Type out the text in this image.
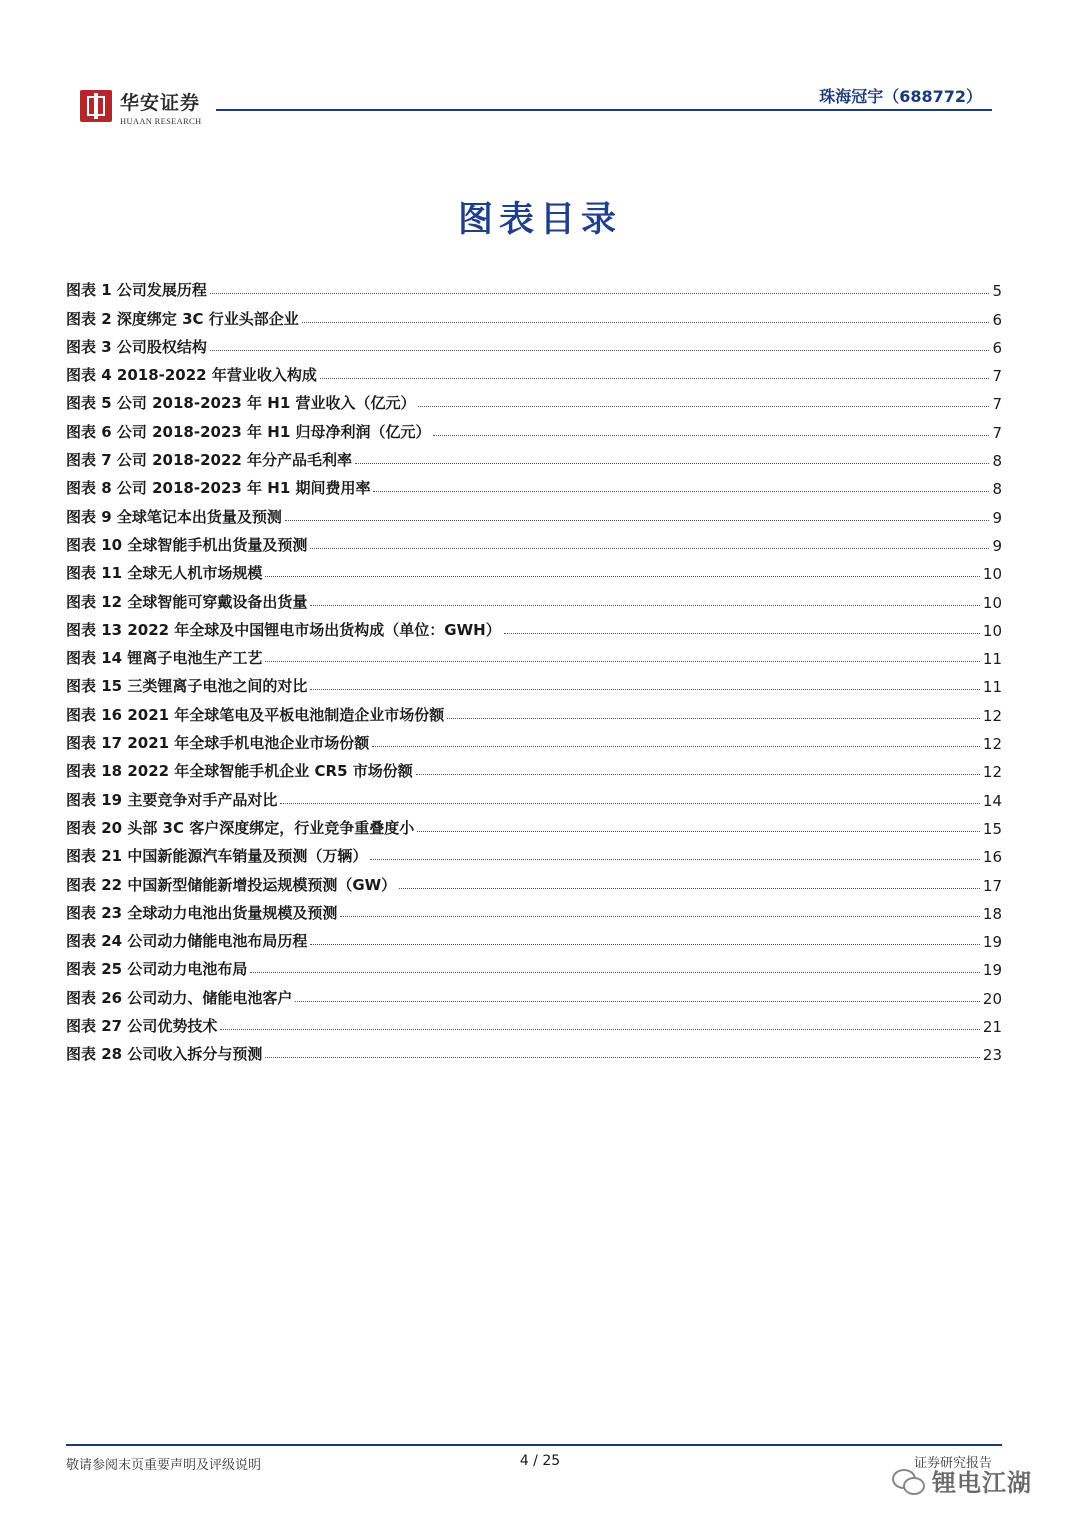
华安证券
HUAAN RESEARCH
珠海冠宇（688772）
图表目录
图表 1 公司发展历程	5
图表 2 深度绑定 3C 行业头部企业	6
图表 3 公司股权结构	6
图表 4 2018-2022 年营业收入构成	7
图表 5 公司 2018-2023 年 H1 营业收入（亿元）	7
图表 6 公司 2018-2023 年 H1 归母净利润（亿元）	7
图表 7 公司 2018-2022 年分产品毛利率	8
图表 8 公司 2018-2023 年 H1 期间费用率	8
图表 9 全球笔记本出货量及预测	9
图表 10 全球智能手机出货量及预测	9
图表 11 全球无人机市场规模	10
图表 12 全球智能可穿戴设备出货量	10
图表 13 2022 年全球及中国锂电市场出货构成（单位：GWH）	10
图表 14 锂离子电池生产工艺	11
图表 15 三类锂离子电池之间的对比	11
图表 16 2021 年全球笔电及平板电池制造企业市场份额	12
图表 17 2021 年全球手机电池企业市场份额	12
图表 18 2022 年全球智能手机企业 CR5 市场份额	12
图表 19 主要竞争对手产品对比	14
图表 20 头部 3C 客户深度绑定，行业竞争重叠度小	15
图表 21 中国新能源汽车销量及预测（万辆）	16
图表 22 中国新型储能新增投运规模预测（GW）	17
图表 23 全球动力电池出货量规模及预测	18
图表 24 公司动力储能电池布局历程	19
图表 25 公司动力电池布局	19
图表 26 公司动力、储能电池客户	20
图表 27 公司优势技术	21
图表 28 公司收入拆分与预测	23
敬请参阅末页重要声明及评级说明	4 / 25	证券研究报告
锂电江湖
